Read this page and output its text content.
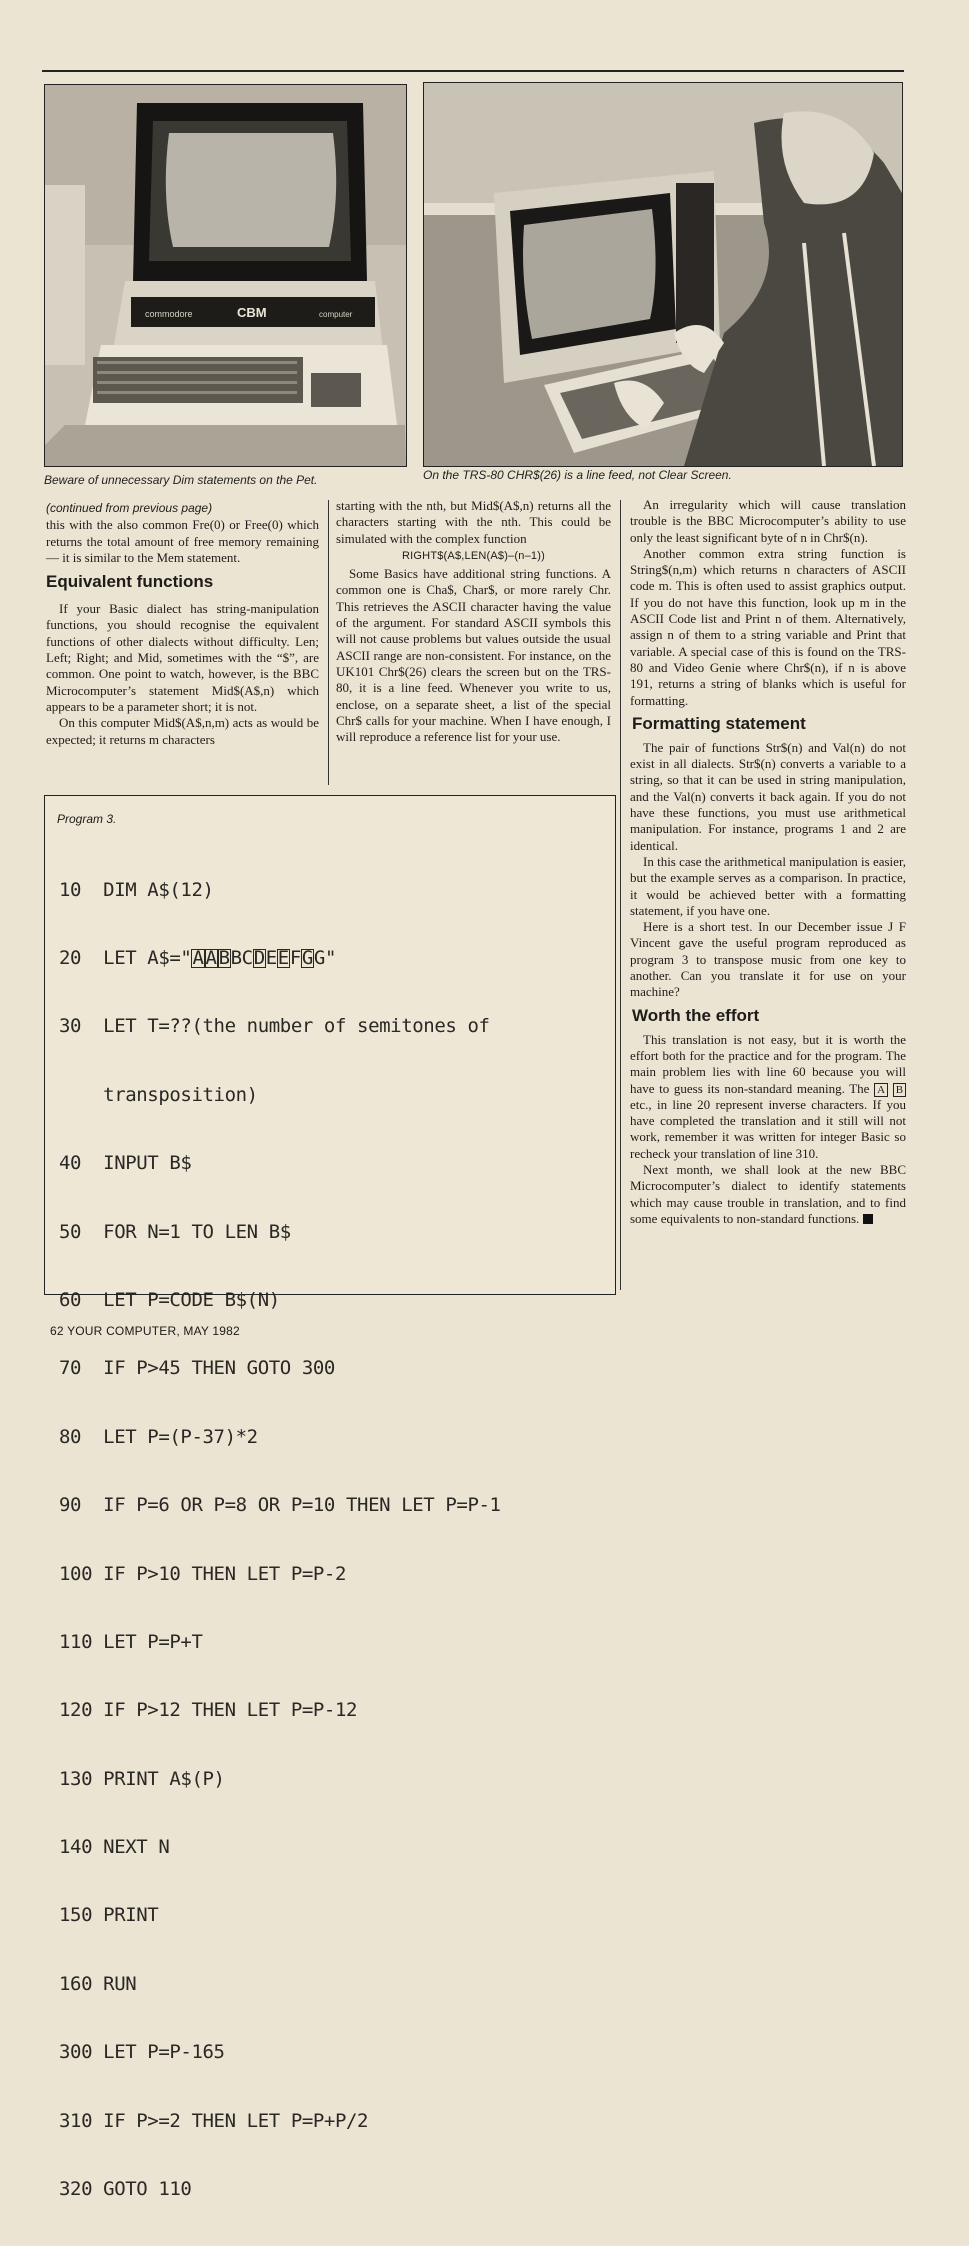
commodore	CBM	computer
Beware of unnecessary Dim statements on the Pet.	On the TRS-80 CHR$(26) is a line feed, not Clear Screen.

(continued from previous page)

this with the also common Fre(0) or Free(0) which returns the total amount of free memory remaining — it is similar to the Mem statement.

Equivalent functions

If your Basic dialect has string-manipulation functions, you should recognise the equivalent functions of other dialects without difficulty. Len; Left; Right; and Mid, sometimes with the “$”, are common. One point to watch, however, is the BBC Microcomputer’s statement Mid$(A$,n) which appears to be a parameter short; it is not.

On this computer Mid$(A$,n,m) acts as would be expected; it returns m characters

starting with the nth, but Mid$(A$,n) returns all the characters starting with the nth. This could be simulated with the complex function

RIGHT$(A$,LEN(A$)–(n–1))

Some Basics have additional string functions. A common one is Cha$, Char$, or more rarely Chr. This retrieves the ASCII character having the value of the argument. For standard ASCII symbols this will not cause problems but values outside the usual ASCII range are non-consistent. For instance, on the UK101 Chr$(26) clears the screen but on the TRS-80, it is a line feed. Whenever you write to us, enclose, on a separate sheet, a list of the special Chr$ calls for your machine. When I have enough, I will reproduce a reference list for your use.

An irregularity which will cause translation trouble is the BBC Microcomputer’s ability to use only the least significant byte of n in Chr$(n).

Another common extra string function is String$(n,m) which returns n characters of ASCII code m. This is often used to assist graphics output. If you do not have this function, look up m in the ASCII Code list and Print n of them. Alternatively, assign n of them to a string variable and Print that variable. A special case of this is found on the TRS-80 and Video Genie where Chr$(n), if n is above 191, returns a string of blanks which is useful for formatting.

Formatting statement

The pair of functions Str$(n) and Val(n) do not exist in all dialects. Str$(n) converts a variable to a string, so that it can be used in string manipulation, and the Val(n) converts it back again. If you do not have these functions, you must use arithmetical manipulation. For instance, programs 1 and 2 are identical.

In this case the arithmetical manipulation is easier, but the example serves as a comparison. In practice, it would be achieved better with a formatting statement, if you have one.

Here is a short test. In our December issue J F Vincent gave the useful program reproduced as program 3 to transpose music from one key to another. Can you translate it for use on your machine?

Worth the effort

This translation is not easy, but it is worth the effort both for the practice and for the program. The main problem lies with line 60 because you will have to guess its non-standard meaning. The A B etc., in line 20 represent inverse characters. If you have completed the translation and it still will not work, remember it was written for integer Basic so recheck your translation of line 310.

Next month, we shall look at the new BBC Microcomputer’s dialect to identify statements which may cause trouble in translation, and to find some equivalents to non-standard functions.

Program 3.

10  DIM A$(12)

20  LET A$="A A BBCDEEFGG"

30  LET T=??(the number of semitones of

transposition)

40  INPUT B$

50  FOR N=1 TO LEN B$

60  LET P=CODE B$(N)

70  IF P>45 THEN GOTO 300

80  LET P=(P-37)*2

90  IF P=6 OR P=8 OR P=10 THEN LET P=P-1

100 IF P>10 THEN LET P=P-2

110 LET P=P+T

120 IF P>12 THEN LET P=P-12

130 PRINT A$(P)

140 NEXT N

150 PRINT

160 RUN

300 LET P=P-165

310 IF P>=2 THEN LET P=P+P/2

320 GOTO 110

62 YOUR COMPUTER, MAY 1982
